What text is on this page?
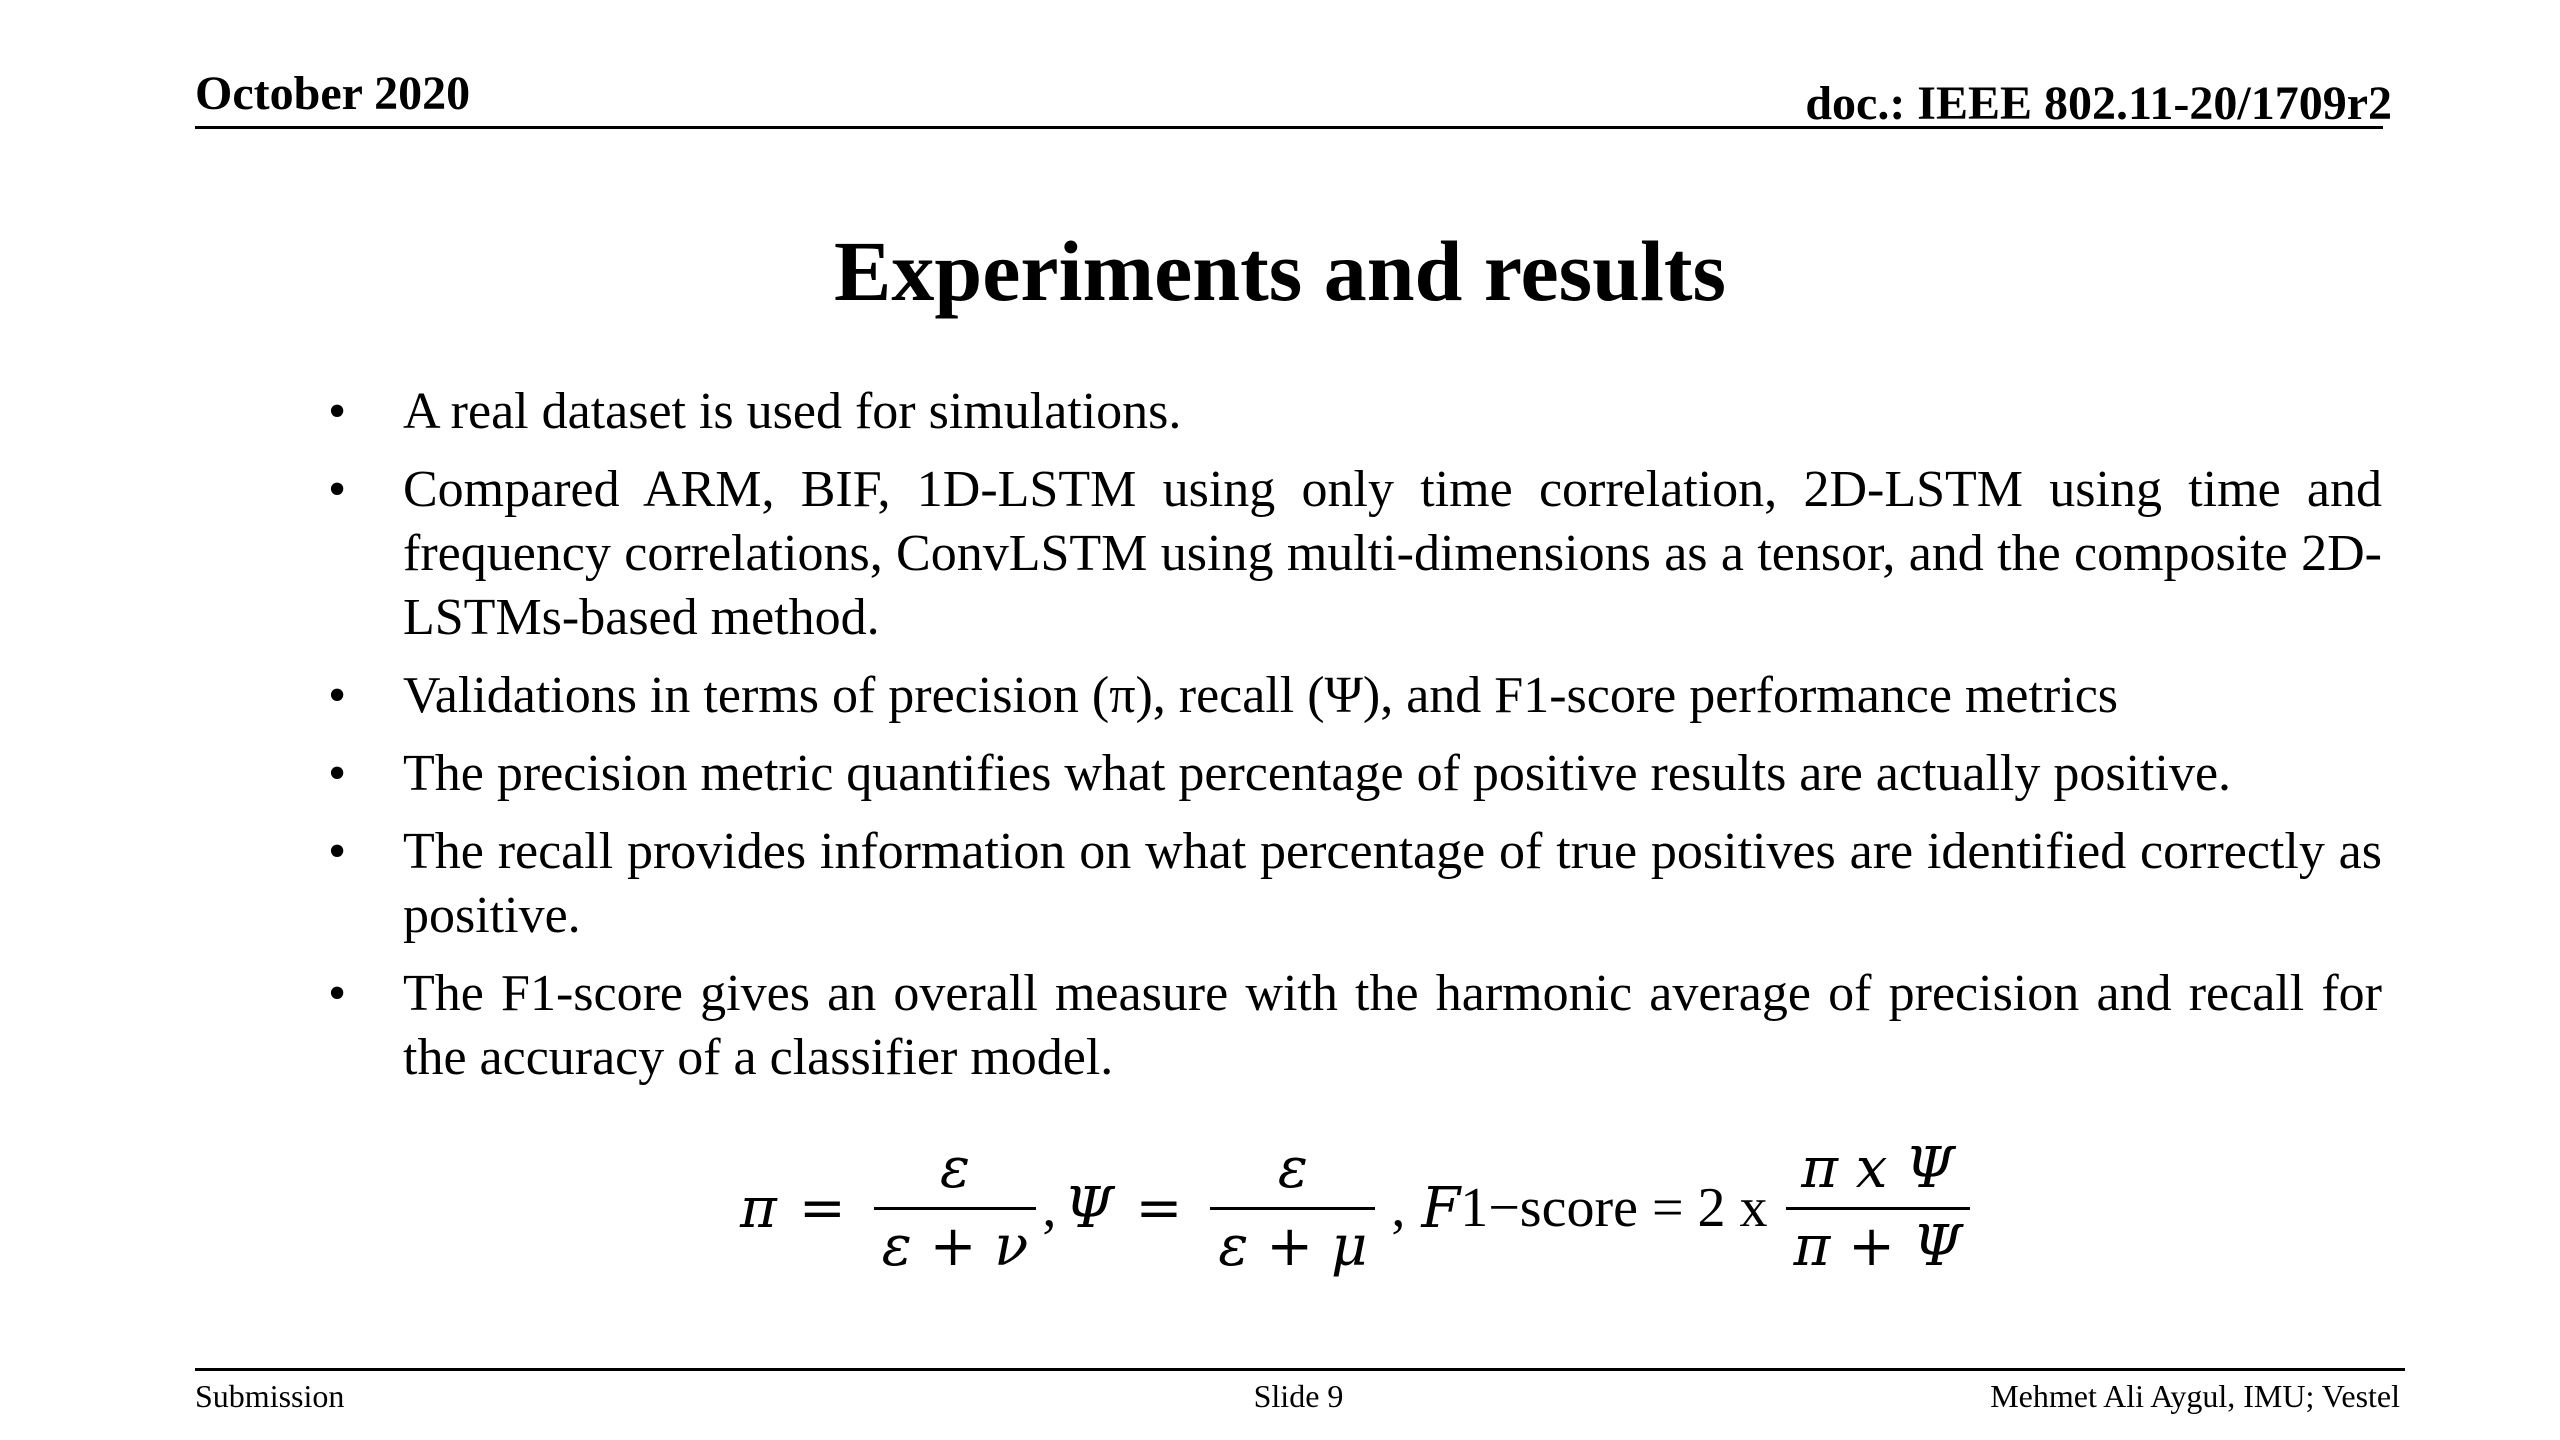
October 2020	doc.: IEEE 802.11-20/1709r2
Experiments and results
• A real dataset is used for simulations.
• Compared ARM, BIF, 1D-LSTM using only time correlation, 2D-LSTM using time and frequency correlations, ConvLSTM using multi-dimensions as a tensor, and the composite 2D-LSTMs-based method.
• Validations in terms of precision (π), recall (Ψ), and F1-score performance metrics
• The precision metric quantifies what percentage of positive results are actually positive.
• The recall provides information on what percentage of true positives are identified correctly as positive.
• The F1-score gives an overall measure with the harmonic average of precision and recall for the accuracy of a classifier model.
$\pi = \frac{\varepsilon}{\varepsilon + \nu}$ , $\Psi = \frac{\varepsilon}{\varepsilon + \mu}$ , F 1−score = 2 x $\frac{\text{π x Ψ}}{\pi + \Psi}$
Submission	Slide 9	Mehmet Ali Aygul, IMU; Vestel
